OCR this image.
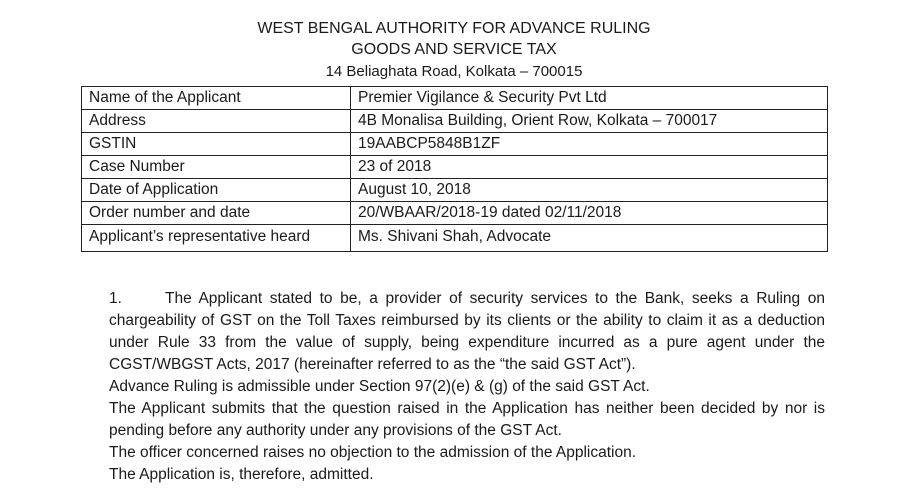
WEST BENGAL AUTHORITY FOR ADVANCE RULING
GOODS AND SERVICE TAX
14 Beliaghata Road, Kolkata – 700015
Name of the Applicant	Premier Vigilance & Security Pvt Ltd
Address	4B Monalisa Building, Orient Row, Kolkata – 700017
GSTIN	19AABCP5848B1ZF
Case Number	23 of 2018
Date of Application	August 10, 2018
Order number and date	20/WBAAR/2018-19 dated 02/11/2018
Applicant’s representative heard	Ms. Shivani Shah, Advocate

1.	The Applicant stated to be, a provider of security services to the Bank, seeks a Ruling on chargeability of GST on the Toll Taxes reimbursed by its clients or the ability to claim it as a deduction under Rule 33 from the value of supply, being expenditure incurred as a pure agent under the CGST/WBGST Acts, 2017 (hereinafter referred to as the “the said GST Act”).

Advance Ruling is admissible under Section 97(2)(e) & (g) of the said GST Act.

The Applicant submits that the question raised in the Application has neither been decided by nor is pending before any authority under any provisions of the GST Act.

The officer concerned raises no objection to the admission of the Application.

The Application is, therefore, admitted.
